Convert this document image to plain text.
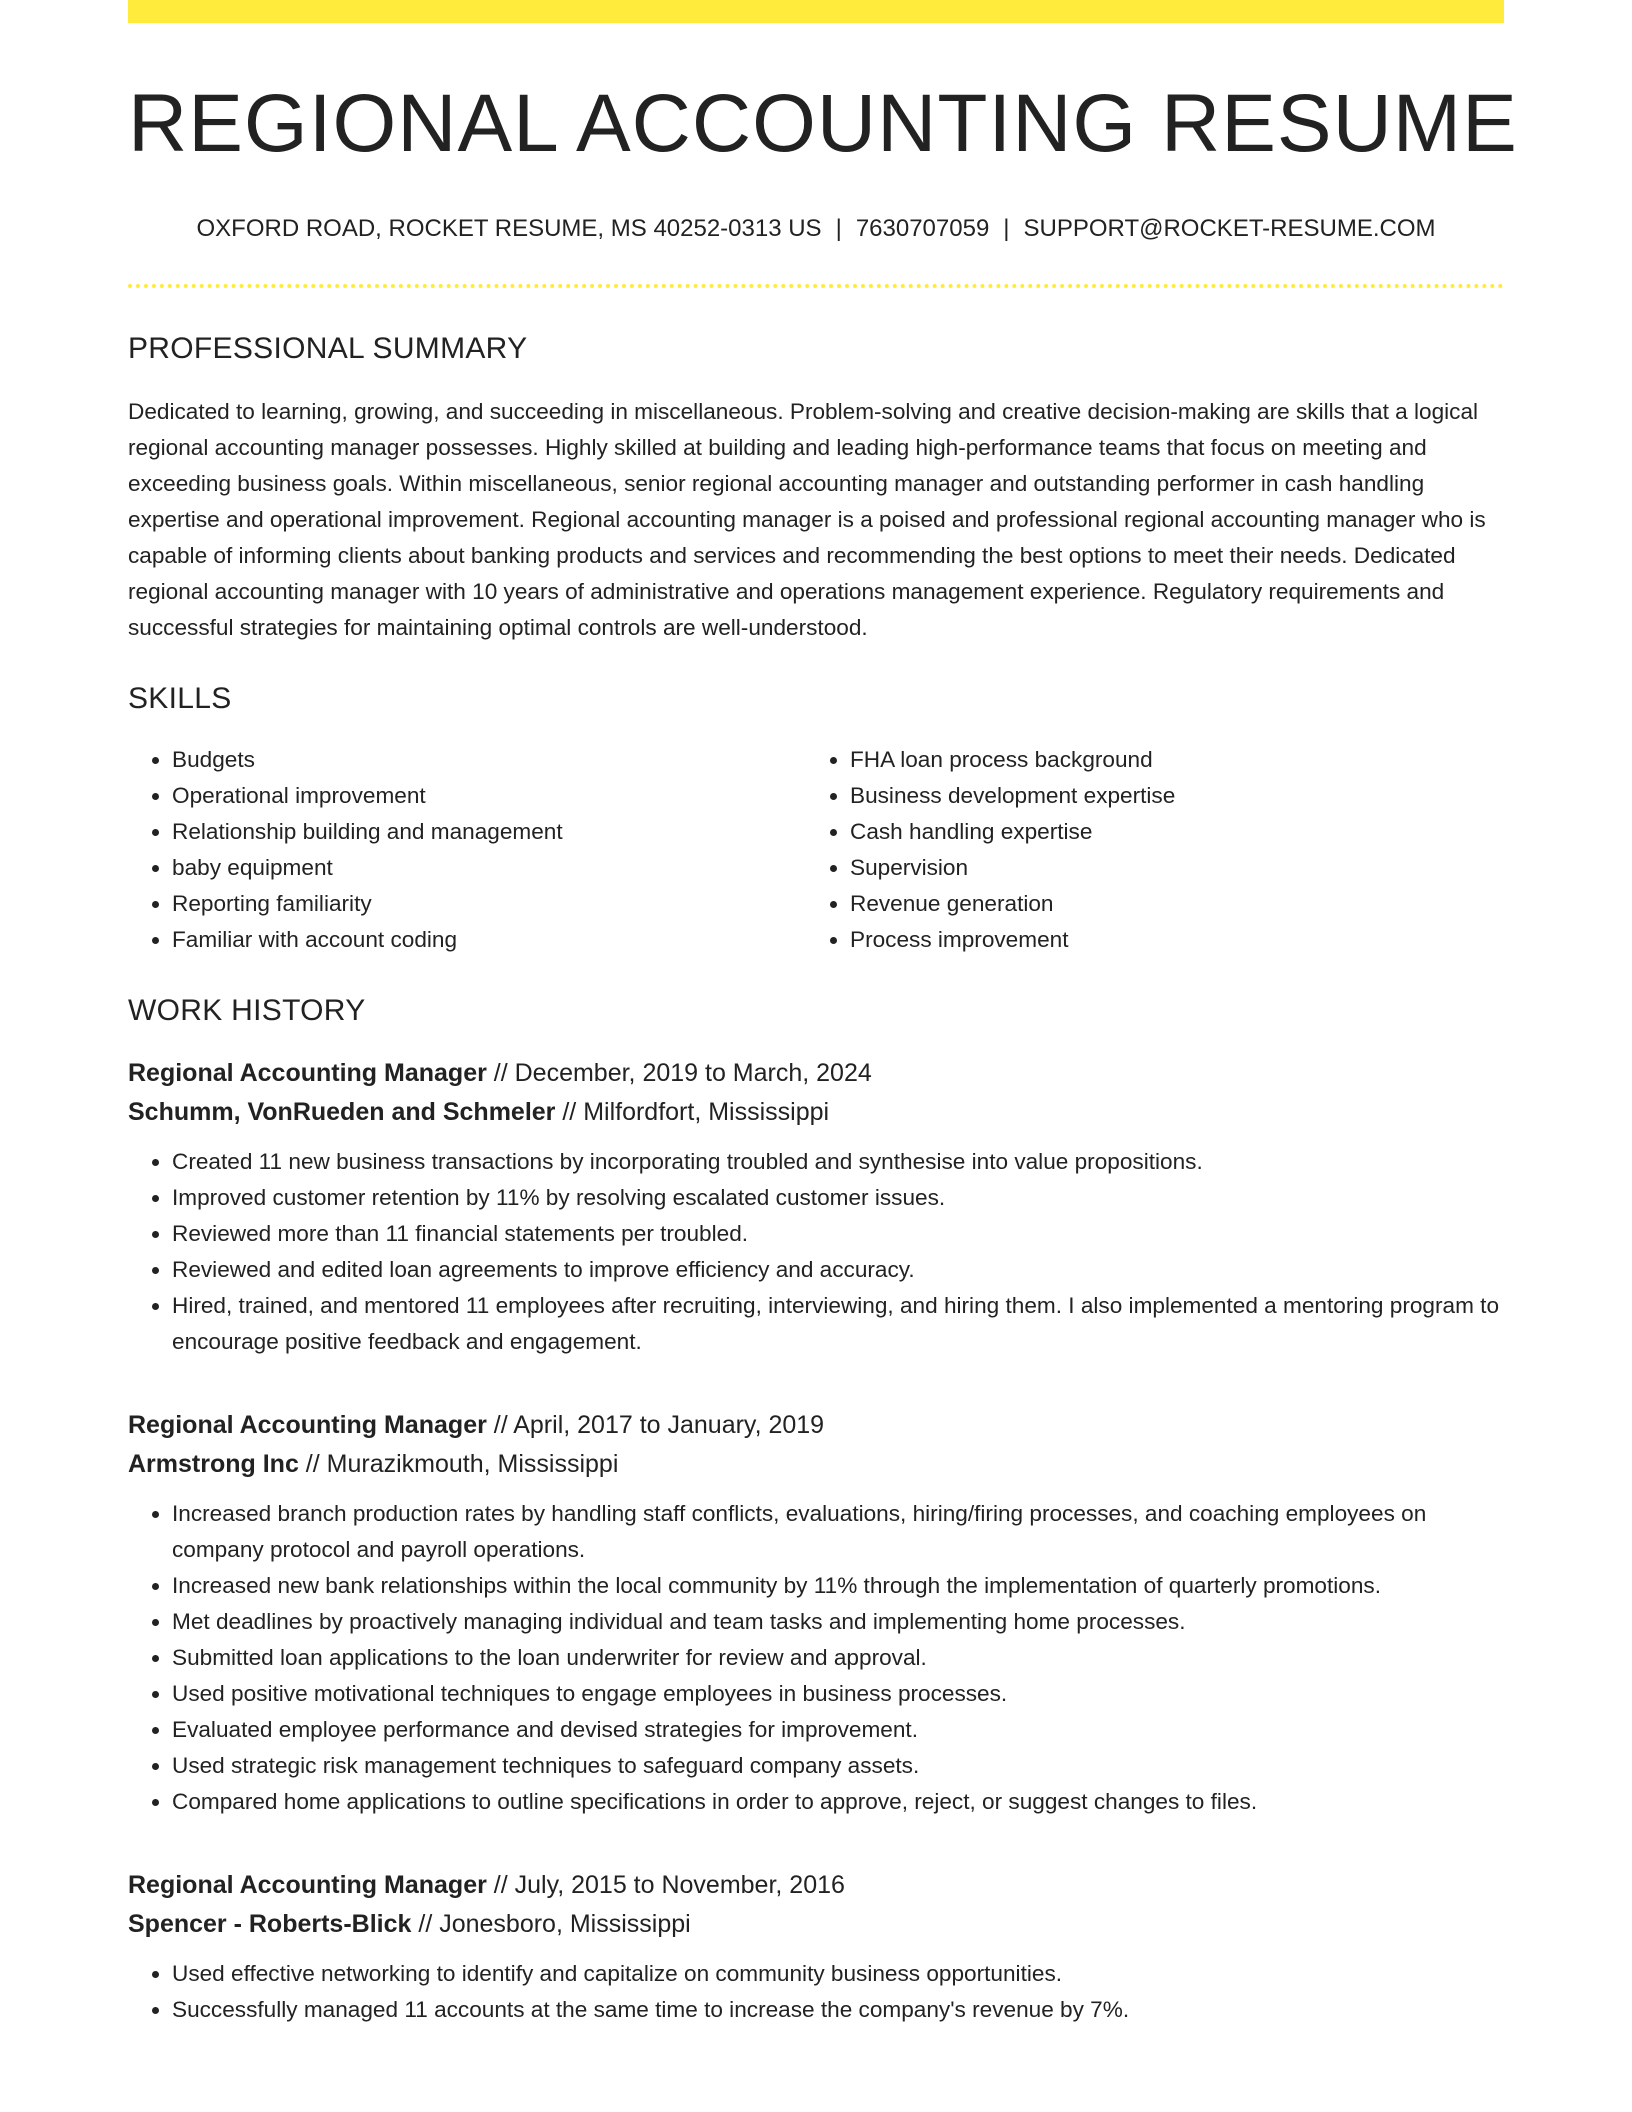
REGIONAL ACCOUNTING RESUME
OXFORD ROAD, ROCKET RESUME, MS 40252-0313 US | 7630707059 | SUPPORT@ROCKET-RESUME.COM
PROFESSIONAL SUMMARY

Dedicated to learning, growing, and succeeding in miscellaneous. Problem-solving and creative decision-making are skills that a logical regional accounting manager possesses. Highly skilled at building and leading high-performance teams that focus on meeting and exceeding business goals. Within miscellaneous, senior regional accounting manager and outstanding performer in cash handling expertise and operational improvement. Regional accounting manager is a poised and professional regional accounting manager who is capable of informing clients about banking products and services and recommending the best options to meet their needs. Dedicated regional accounting manager with 10 years of administrative and operations management experience. Regulatory requirements and successful strategies for maintaining optimal controls are well-understood.

SKILLS
• Budgets
• Operational improvement
• Relationship building and management
• baby equipment
• Reporting familiarity
• Familiar with account coding
• FHA loan process background
• Business development expertise
• Cash handling expertise
• Supervision
• Revenue generation
• Process improvement
WORK HISTORY
Regional Accounting Manager // December, 2019 to March, 2024
Schumm, VonRueden and Schmeler // Milfordfort, Mississippi
• Created 11 new business transactions by incorporating troubled and synthesise into value propositions.
• Improved customer retention by 11% by resolving escalated customer issues.
• Reviewed more than 11 financial statements per troubled.
• Reviewed and edited loan agreements to improve efficiency and accuracy.
• Hired, trained, and mentored 11 employees after recruiting, interviewing, and hiring them. I also implemented a mentoring program to encourage positive feedback and engagement.
Regional Accounting Manager // April, 2017 to January, 2019
Armstrong Inc // Murazikmouth, Mississippi
• Increased branch production rates by handling staff conflicts, evaluations, hiring/firing processes, and coaching employees on company protocol and payroll operations.
• Increased new bank relationships within the local community by 11% through the implementation of quarterly promotions.
• Met deadlines by proactively managing individual and team tasks and implementing home processes.
• Submitted loan applications to the loan underwriter for review and approval.
• Used positive motivational techniques to engage employees in business processes.
• Evaluated employee performance and devised strategies for improvement.
• Used strategic risk management techniques to safeguard company assets.
• Compared home applications to outline specifications in order to approve, reject, or suggest changes to files.
Regional Accounting Manager // July, 2015 to November, 2016
Spencer - Roberts-Blick // Jonesboro, Mississippi
• Used effective networking to identify and capitalize on community business opportunities.
• Successfully managed 11 accounts at the same time to increase the company's revenue by 7%.
